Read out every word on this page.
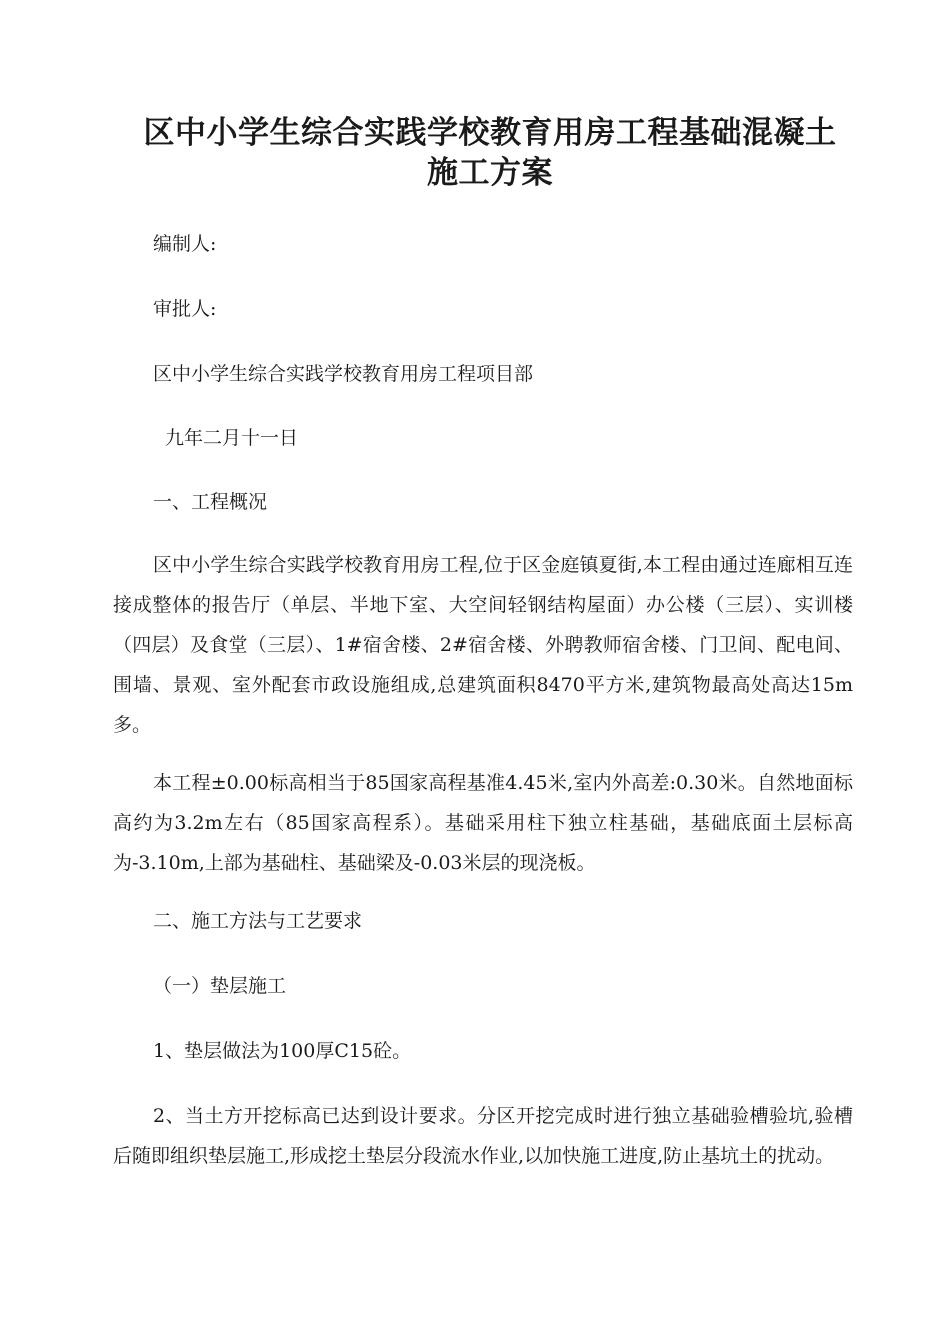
区中小学生综合实践学校教育用房工程基础混凝土
施工方案

编制人:

审批人:

区中小学生综合实践学校教育用房工程项目部

九年二月十一日

一、工程概况

区中小学生综合实践学校教育用房工程,位于区金庭镇夏街,本工程由通过连廊相互连接成整体的报告厅（单层、半地下室、大空间轻钢结构屋面）办公楼（三层）、实训楼（四层）及食堂（三层）、1#宿舍楼、2#宿舍楼、外聘教师宿舍楼、门卫间、配电间、围墙、景观、室外配套市政设施组成,总建筑面积8470平方米,建筑物最高处高达15m多。

本工程±0.00标高相当于85国家高程基准4.45米,室内外高差:0.30米。自然地面标高约为3.2m左右（85国家高程系）。基础采用柱下独立柱基础，基础底面土层标高为-3.10m,上部为基础柱、基础梁及-0.03米层的现浇板。

二、施工方法与工艺要求

（一）垫层施工

1、垫层做法为100厚C15砼。

2、当土方开挖标高已达到设计要求。分区开挖完成时进行独立基础验槽验坑,验槽后随即组织垫层施工,形成挖土垫层分段流水作业,以加快施工进度,防止基坑土的扰动。
